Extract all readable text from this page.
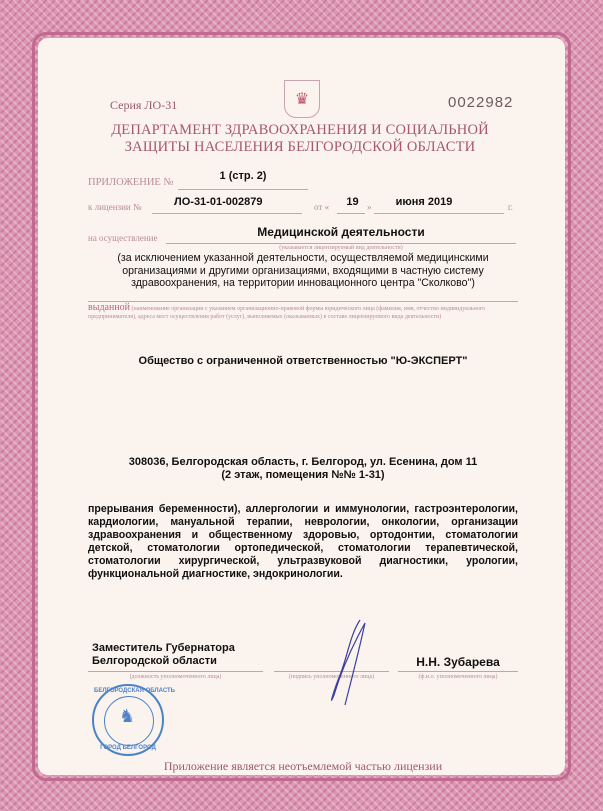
Серия ЛО-31	♛	0022982
ДЕПАРТАМЕНТ ЗДРАВООХРАНЕНИЯ И СОЦИАЛЬНОЙ
ЗАЩИТЫ НАСЕЛЕНИЯ БЕЛГОРОДСКОЙ ОБЛАСТИ
ПРИЛОЖЕНИЕ №
1 (стр. 2)
к лицензии №	ЛО-31-01-002879	от «	19 »	июня 2019	г.
на осуществление	Медицинской деятельности
(указывается лицензируемый вид деятельности)
(за исключением указанной деятельности, осуществляемой медицинскими организациями и другими организациями, входящими в частную систему здравоохранения, на территории инновационного центра "Сколково")
выданной (наименование организации с указанием организационно-правовой формы юридического лица (фамилия, имя, отчество индивидуального предпринимателя), адреса мест осуществления работ (услуг), выполняемых (оказываемых) в составе лицензируемого вида деятельности)
Общество с ограниченной ответственностью "Ю-ЭКСПЕРТ"
308036, Белгородская область, г. Белгород, ул. Есенина, дом 11
(2 этаж, помещения №№ 1-31)
прерывания беременности), аллергологии и иммунологии, гастроэнтерологии, кардиологии, мануальной терапии, неврологии, онкологии, организации здравоохранения и общественному здоровью, ортодонтии, стоматологии детской, стоматологии ортопедической, стоматологии терапевтической, стоматологии хирургической, ультразвуковой диагностики, урологии, функциональной диагностике, эндокринологии.
БЕЛГОРОДСКАЯ ОБЛАСТЬ
♞
ГОРОД БЕЛГОРОД
Заместитель Губернатора
Белгородской области
(должность уполномоченного лица)	(подпись уполномоченного лица)
Н.Н. Зубарева
(ф.и.о. уполномоченного лица)
Приложение является неотъемлемой частью лицензии
